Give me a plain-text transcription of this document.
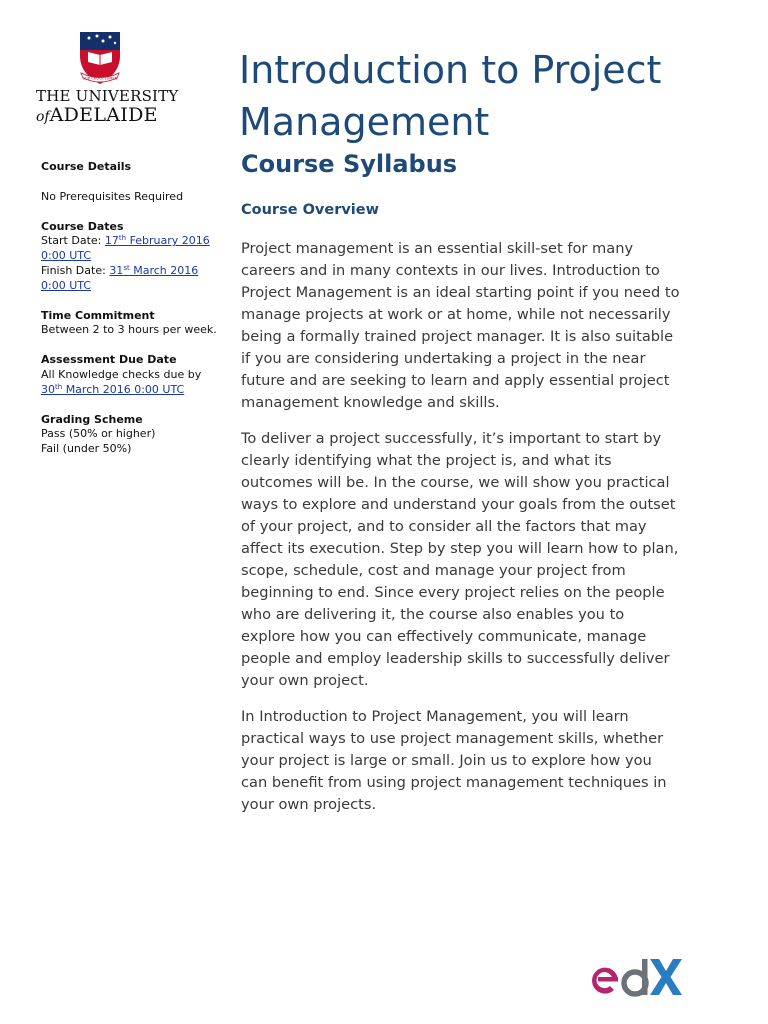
SUB CRUCE LUMEN
THE UNIVERSITY
ofADELAIDE
Introduction to Project
Management
Course Syllabus
Course Overview

Project management is an essential skill-set for many careers and in many contexts in our lives. Introduction to Project Management is an ideal starting point if you need to manage projects at work or at home, while not necessarily being a formally trained project manager. It is also suitable if you are considering undertaking a project in the near future and are seeking to learn and apply essential project management knowledge and skills.

To deliver a project successfully, it’s important to start by clearly identifying what the project is, and what its outcomes will be. In the course, we will show you practical ways to explore and understand your goals from the outset of your project, and to consider all the factors that may affect its execution. Step by step you will learn how to plan, scope, schedule, cost and manage your project from beginning to end. Since every project relies on the people who are delivering it, the course also enables you to explore how you can effectively communicate, manage people and employ leadership skills to successfully deliver your own project.

In Introduction to Project Management, you will learn practical ways to use project management skills, whether your project is large or small. Join us to explore how you can benefit from using project management techniques in your own projects.

Course Details
No Prerequisites Required
Course Dates
Start Date: 17th February 2016
0:00 UTC
Finish Date: 31st March 2016
0:00 UTC
Time Commitment
Between 2 to 3 hours per week.
Assessment Due Date
All Knowledge checks due by
30th March 2016 0:00 UTC
Grading Scheme
Pass (50% or higher)
Fail (under 50%)
